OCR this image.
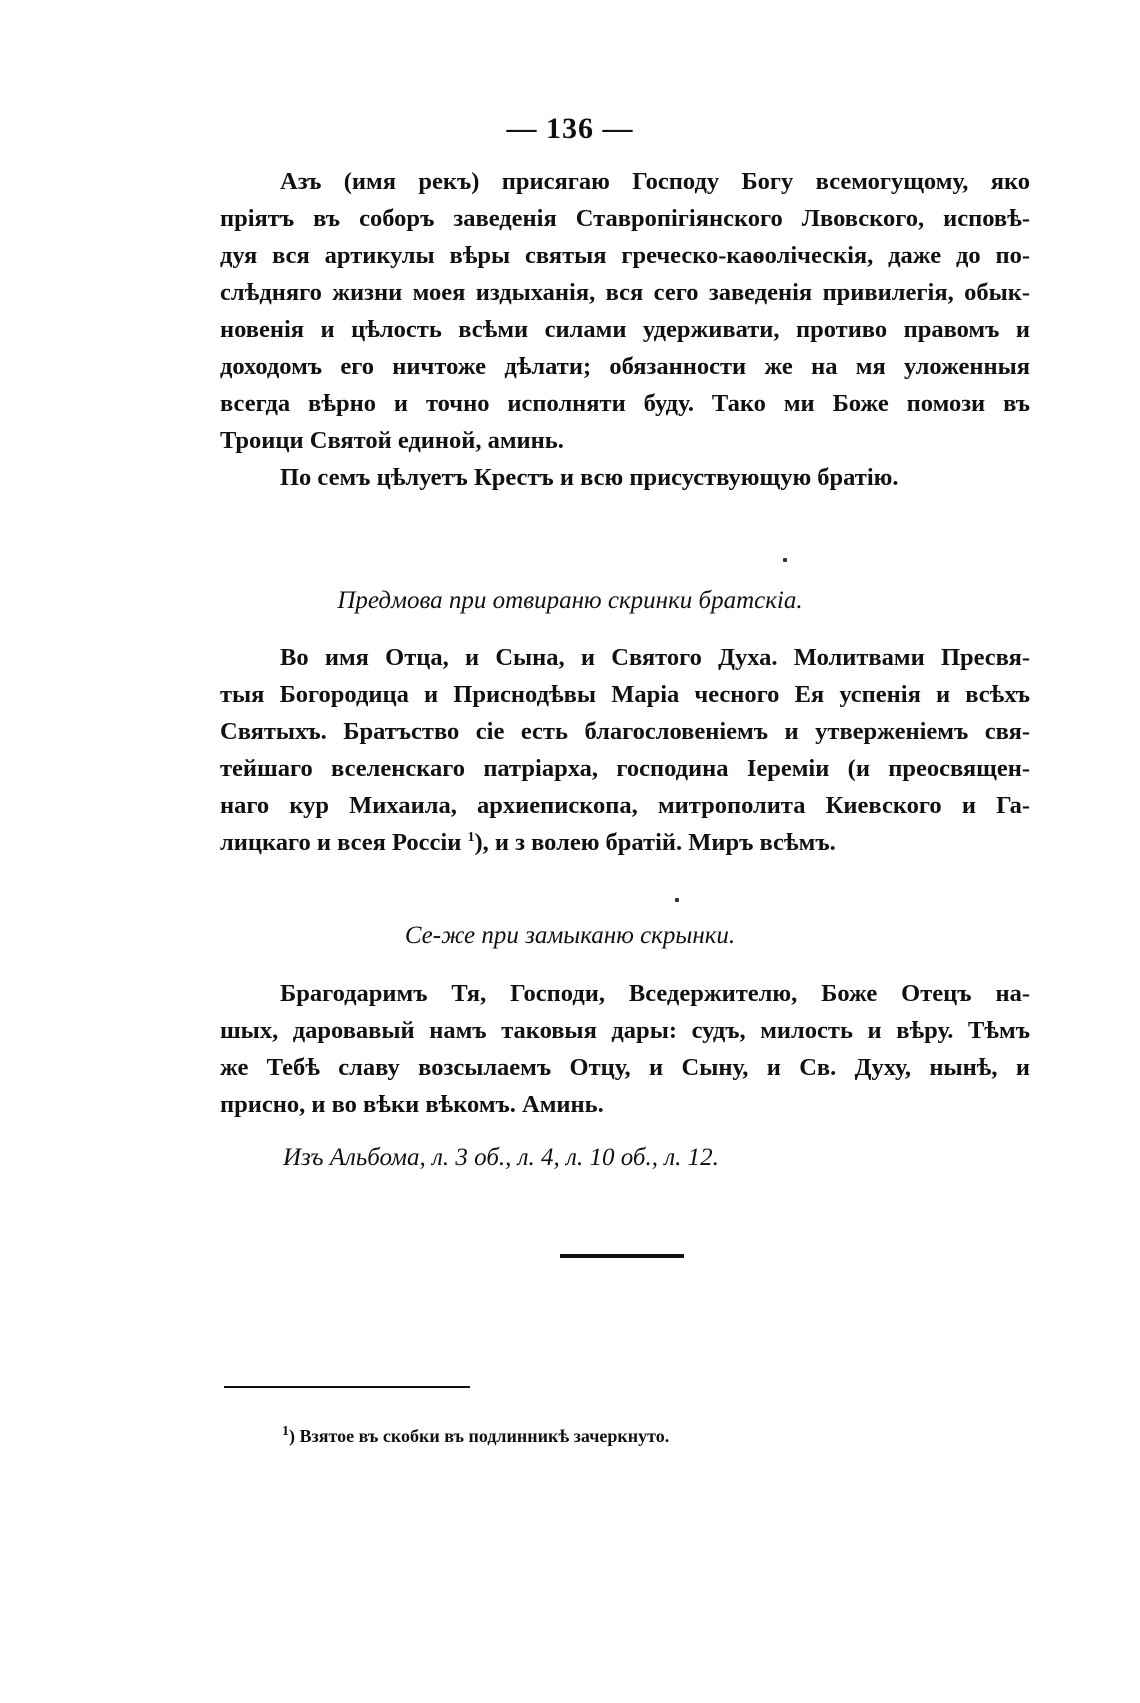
— 136 —
Азъ (имя рекъ) присягаю Господу Богу всемогущому, яко
пріятъ въ соборъ заведенія Ставропігіянского Лвовского, исповѣ-
дуя вся артикулы вѣры святыя греческо-каѳоліческія, даже до по-
слѣдняго жизни моея издыханія, вся сего заведенія привилегія, обык-
новенія и цѣлость всѣми силами удерживати, противо правомъ и
доходомъ его ничтоже дѣлати; обязанности же на мя уложенныя
всегда вѣрно и точно исполняти буду. Тако ми Боже помози въ
Троици Святой единой, аминь.
По семъ цѣлуетъ Крестъ и всю присуствующую братію.
Предмова при отвираню скринки братскіа.
Во имя Отца, и Сына, и Святого Духа. Молитвами Пресвя-
тыя Богородица и Приснодѣвы Маріа чесного Ея успенія и всѣхъ
Святыхъ. Братъство сіе есть благословеніемъ и утверженіемъ свя-
тейшаго вселенскаго патріарха, господина Іереміи (и преосвящен-
наго кур Михаила, архиепископа, митрополита Киевского и Га-
лицкаго и всея Россіи $^1$), и з волею братій. Миръ всѣмъ.
Се-же при замыканю скрынки.
Брагодаримъ Тя, Господи, Вседержителю, Боже Отецъ на-
шых, даровавый намъ таковыя дары: судъ, милость и вѣру. Тѣмъ
же Тебѣ славу возсылаемъ Отцу, и Сыну, и Св. Духу, нынѣ, и
присно, и во вѣки вѣкомъ. Аминь.
Изъ Альбома, л. 3 об., л. 4, л. 10 об., л. 12.
$^1$) Взятое въ скобки въ подлинникѣ зачеркнуто.
